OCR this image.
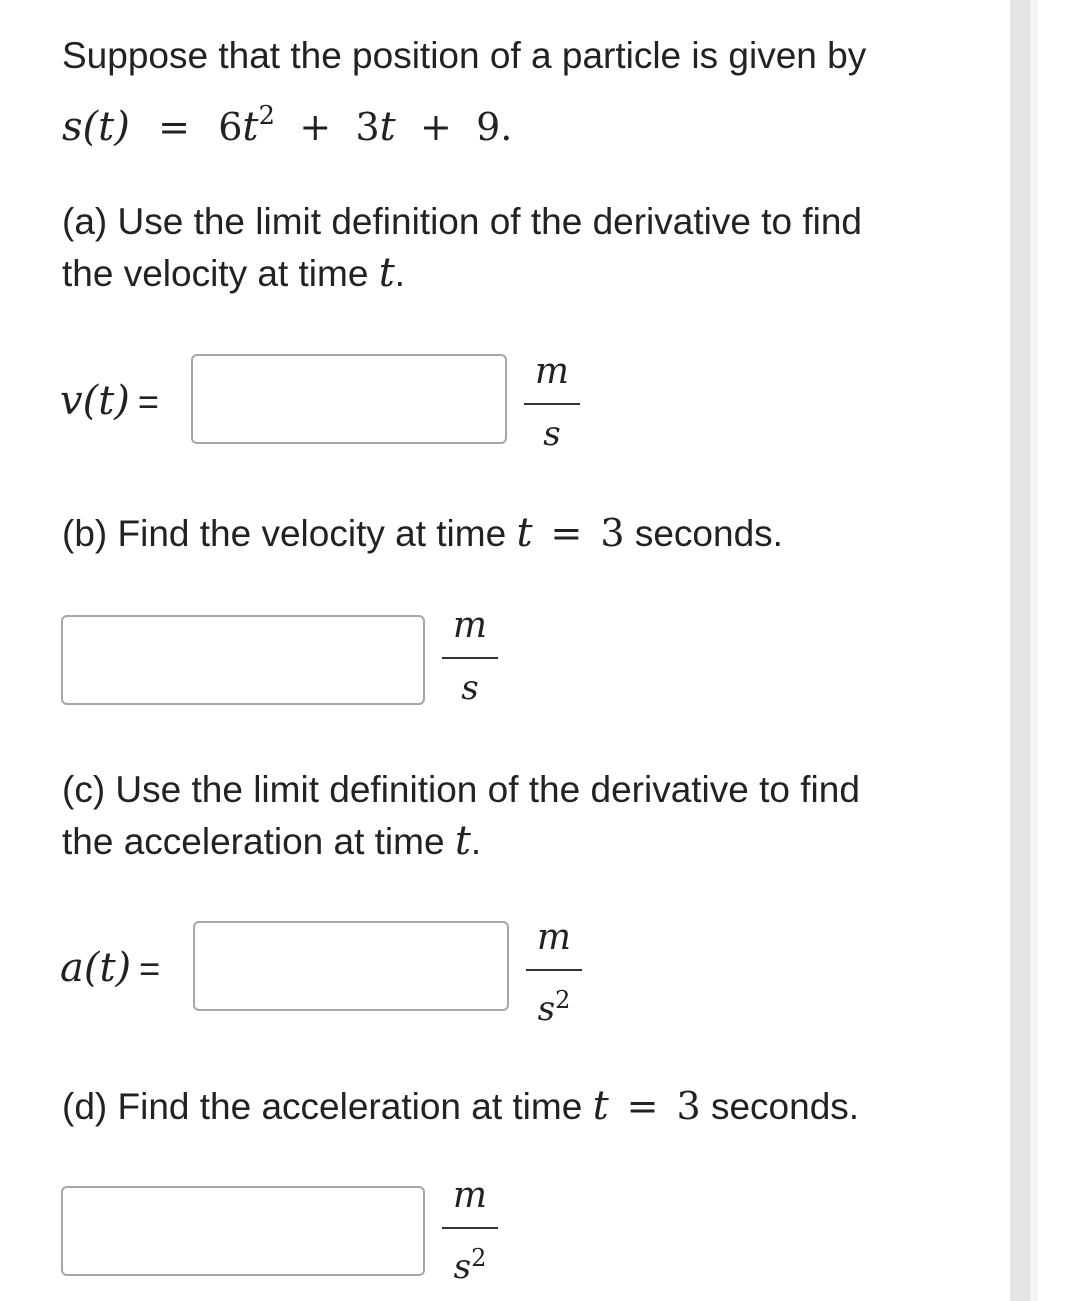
Suppose that the position of a particle is given by
$s(t) = 6t^2 + 3t + 9$.
(a) Use the limit definition of the derivative to find
the velocity at time t.
v(t) =
m
s
(b) Find the velocity at time t = 3 seconds.
m
s
(c) Use the limit definition of the derivative to find
the acceleration at time t.
a(t) =
m
$s^2$
(d) Find the acceleration at time t = 3 seconds.
m
$s^2$
